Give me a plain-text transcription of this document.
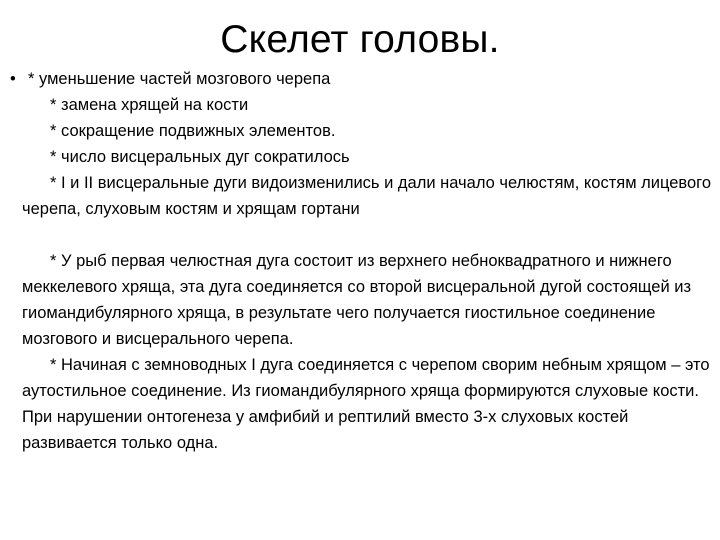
Скелет головы.
• * уменьшение частей мозгового черепа

* замена хрящей на кости

* сокращение подвижных элементов.

* число висцеральных дуг сократилось

* I и II висцеральные дуги видоизменились и дали начало челюстям, костям лицевого черепа, слуховым костям и хрящам гортани

* У рыб первая челюстная дуга состоит из верхнего небноквадратного и нижнего меккелевого хряща, эта дуга соединяется со второй висцеральной дугой состоящей из гиомандибулярного хряща, в результате чего получается гиостильное соединение мозгового и висцерального черепа.

* Начиная с земноводных I дуга соединяется с черепом сворим небным хрящом – это аутостильное соединение. Из гиомандибулярного хряща формируются слуховые кости. При нарушении онтогенеза у амфибий и рептилий вместо 3-х слуховых костей развивается только одна.
